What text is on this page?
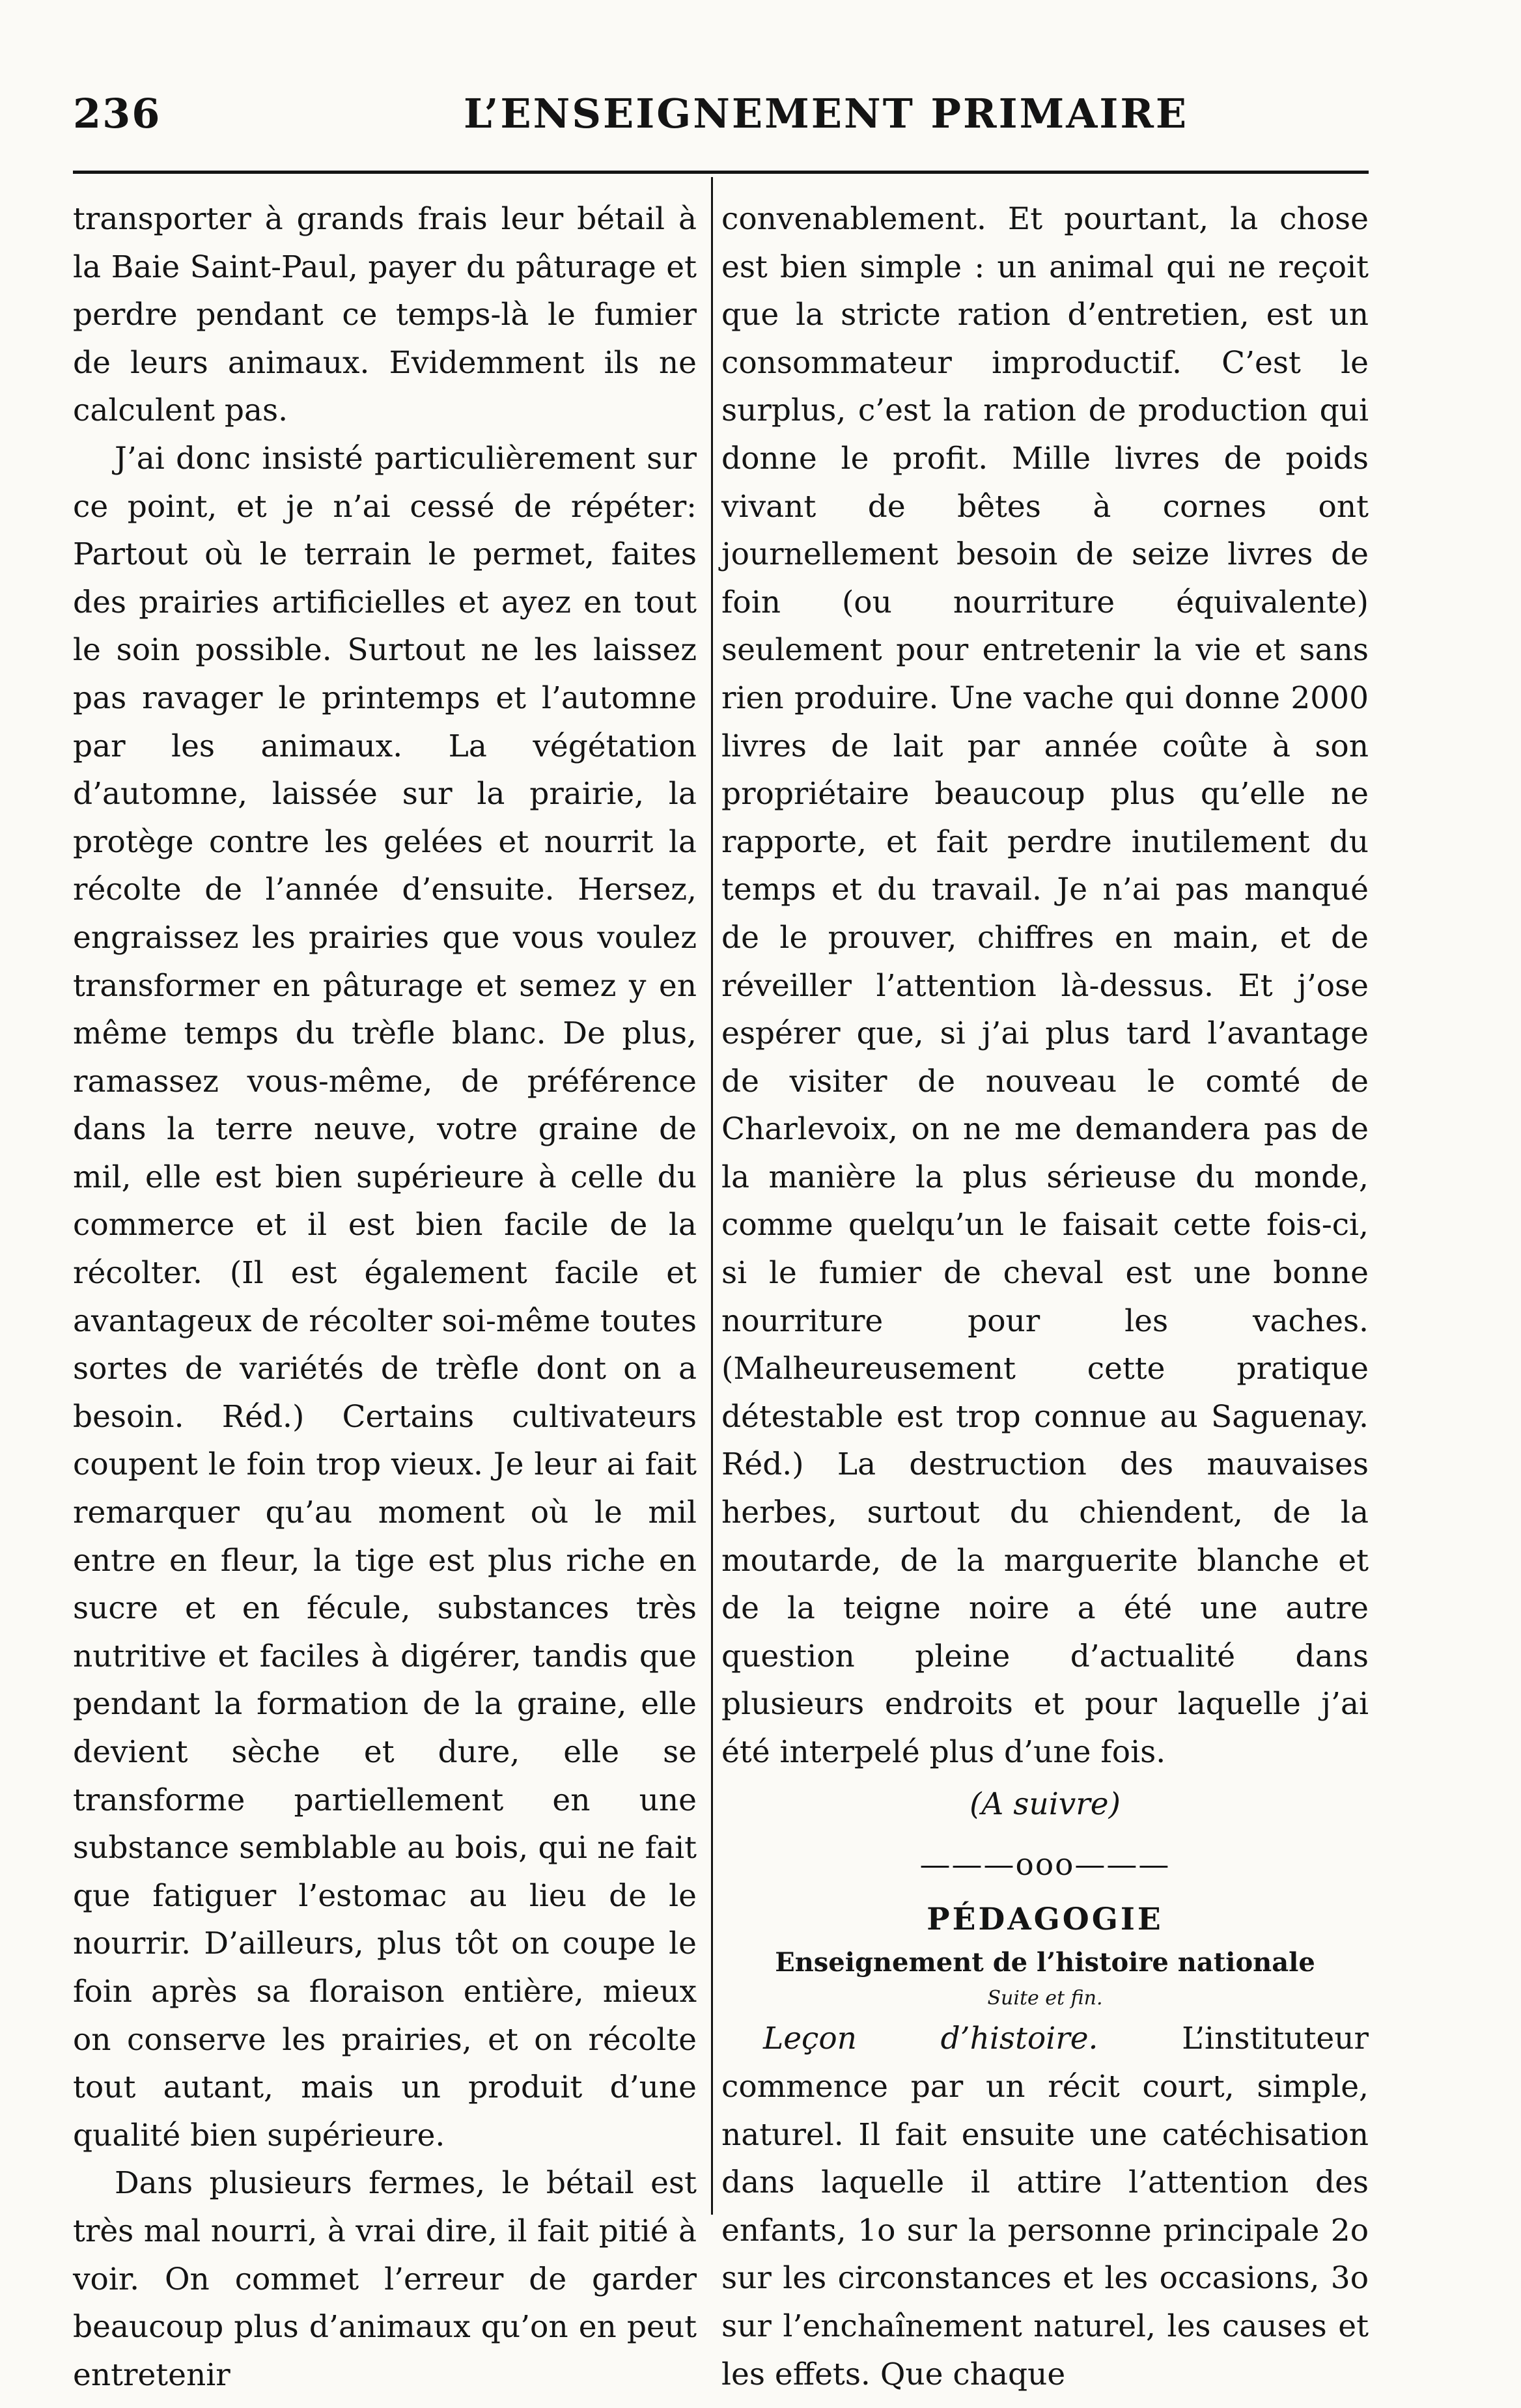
236	L’ENSEIGNEMENT PRIMAIRE

transporter à grands frais leur bétail à la Baie Saint-Paul, payer du pâturage et perdre pendant ce temps-là le fumier de leurs animaux. Evidemment ils ne calculent pas.

J’ai donc insisté particulièrement sur ce point, et je n’ai cessé de répéter: Partout où le terrain le permet, faites des prairies artificielles et ayez en tout le soin possible. Surtout ne les laissez pas ravager le printemps et l’automne par les animaux. La végétation d’automne, laissée sur la prairie, la protège contre les gelées et nourrit la récolte de l’année d’ensuite. Hersez, engraissez les prairies que vous voulez transformer en pâturage et semez y en même temps du trèfle blanc. De plus, ramassez vous-même, de préférence dans la terre neuve, votre graine de mil, elle est bien supérieure à celle du commerce et il est bien facile de la récolter. (Il est également facile et avantageux de récolter soi-même toutes sortes de variétés de trèfle dont on a besoin. Réd.) Certains cultivateurs coupent le foin trop vieux. Je leur ai fait remarquer qu’au moment où le mil entre en fleur, la tige est plus riche en sucre et en fécule, substances très nutritive et faciles à digérer, tandis que pendant la formation de la graine, elle devient sèche et dure, elle se transforme partiellement en une substance semblable au bois, qui ne fait que fatiguer l’estomac au lieu de le nourrir. D’ailleurs, plus tôt on coupe le foin après sa floraison entière, mieux on conserve les prairies, et on récolte tout autant, mais un produit d’une qualité bien supérieure.

Dans plusieurs fermes, le bétail est très mal nourri, à vrai dire, il fait pitié à voir. On commet l’erreur de garder beaucoup plus d’animaux qu’on en peut entretenir

convenablement. Et pourtant, la chose est bien simple : un animal qui ne reçoit que la stricte ration d’entretien, est un consommateur improductif. C’est le surplus, c’est la ration de production qui donne le profit. Mille livres de poids vivant de bêtes à cornes ont journellement besoin de seize livres de foin (ou nourriture équivalente) seulement pour entretenir la vie et sans rien produire. Une vache qui donne 2000 livres de lait par année coûte à son propriétaire beaucoup plus qu’elle ne rapporte, et fait perdre inutilement du temps et du travail. Je n’ai pas manqué de le prouver, chiffres en main, et de réveiller l’attention là-dessus. Et j’ose espérer que, si j’ai plus tard l’avantage de visiter de nouveau le comté de Charlevoix, on ne me demandera pas de la manière la plus sérieuse du monde, comme quelqu’un le faisait cette fois-ci, si le fumier de cheval est une bonne nourriture pour les vaches. (Malheureusement cette pratique détestable est trop connue au Saguenay. Réd.) La destruction des mauvaises herbes, surtout du chiendent, de la moutarde, de la marguerite blanche et de la teigne noire a été une autre question pleine d’actualité dans plusieurs endroits et pour laquelle j’ai été interpelé plus d’une fois.

(A suivre)

———ooo———

PÉDAGOGIE

Enseignement de l’histoire nationale

Suite et fin.

Leçon d’histoire. L’instituteur commence par un récit court, simple, naturel. Il fait ensuite une catéchisation dans laquelle il attire l’attention des enfants, 1o sur la personne principale 2o sur les circonstances et les occasions, 3o sur l’enchaînement naturel, les causes et les effets. Que chaque
